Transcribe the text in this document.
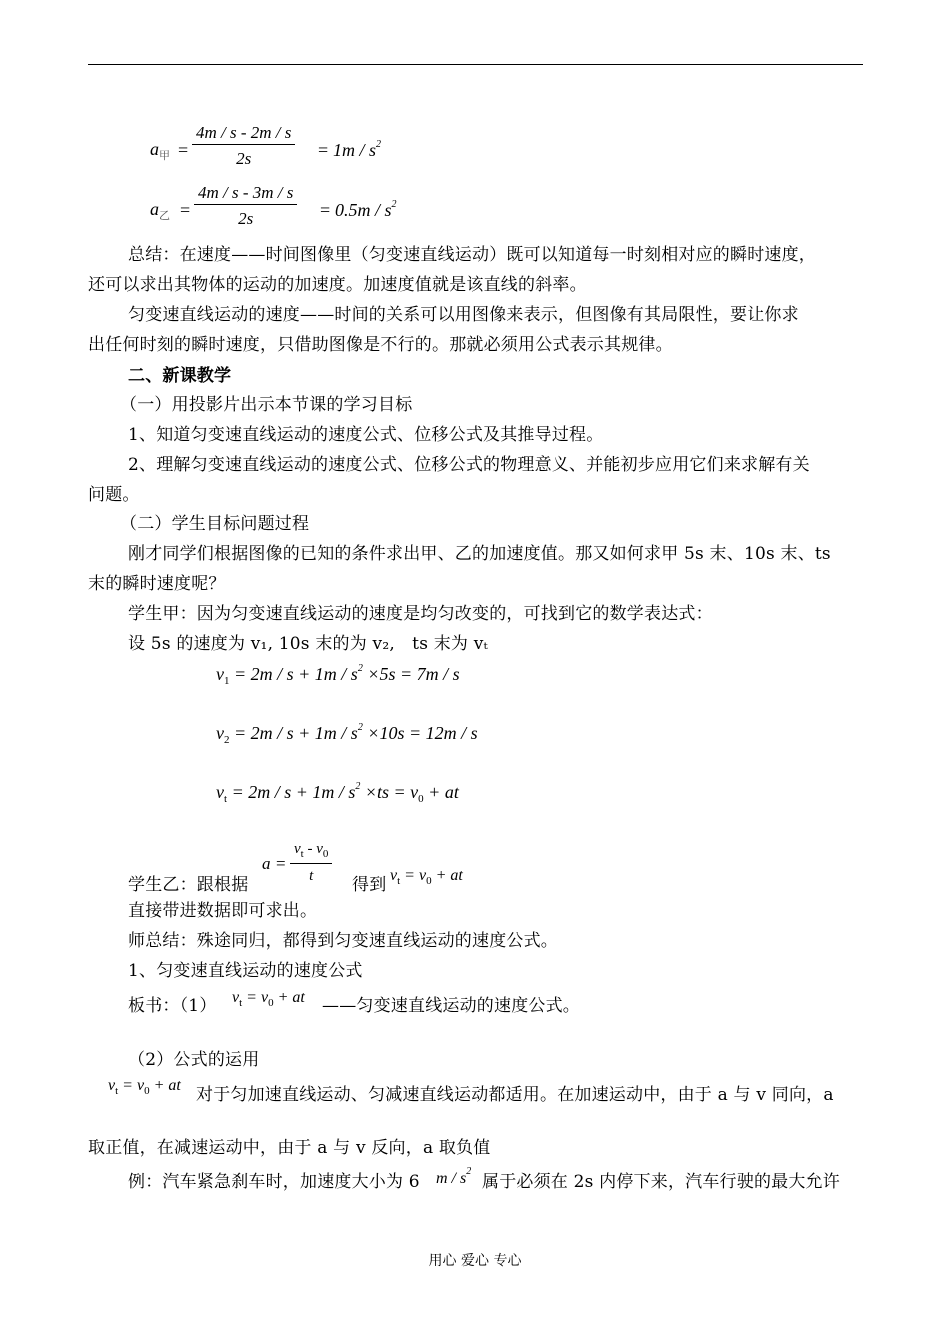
$a_甲 = \frac{4m / s - 2m / s}{2s} = 1m / s^2$
$a_乙 = \frac{4m / s - 3m / s}{2s} = 0.5m / s^2$
总结：在速度——时间图像里（匀变速直线运动）既可以知道每一时刻相对应的瞬时速度，
还可以求出其物体的运动的加速度。加速度值就是该直线的斜率。
匀变速直线运动的速度——时间的关系可以用图像来表示，但图像有其局限性，要让你求
出任何时刻的瞬时速度，只借助图像是不行的。那就必须用公式表示其规律。
二、新课教学
（一）用投影片出示本节课的学习目标
1、知道匀变速直线运动的速度公式、位移公式及其推导过程。
2、理解匀变速直线运动的速度公式、位移公式的物理意义、并能初步应用它们来求解有关
问题。
（二）学生目标问题过程
刚才同学们根据图像的已知的条件求出甲、乙的加速度值。那又如何求甲 5s 末、10s 末、ts
末的瞬时速度呢？
学生甲：因为匀变速直线运动的速度是均匀改变的，可找到它的数学表达式：
设 5s 的速度为 v₁, 10s 末的为 v₂,　ts 末为 vₜ
$v_1 = 2m / s + 1m / s^2 \times 5s = 7m / s$
$v_2 = 2m / s + 1m / s^2 \times 10s = 12m / s$
$v_t = 2m / s + 1m / s^2 \times ts = v_0$ + at
学生乙：跟根据
$a = \frac{v_t - v_0}{t}$
得到 $v_t = v_0$ + at
直接带进数据即可求出。
师总结：殊途同归，都得到匀变速直线运动的速度公式。
1、匀变速直线运动的速度公式
板书：（1） $v_t = v_0$ + at ——匀变速直线运动的速度公式。
（2）公式的运用
$v_t = v_0$ + at 对于匀加速直线运动、匀减速直线运动都适用。在加速运动中，由于 a 与 v 同向，a
取正值，在减速运动中，由于 a 与 v 反向，a 取负值
例：汽车紧急刹车时，加速度大小为 6 m / $s^2$
属于必须在 2s 内停下来，汽车行驶的最大允许
用心 爱心 专心
